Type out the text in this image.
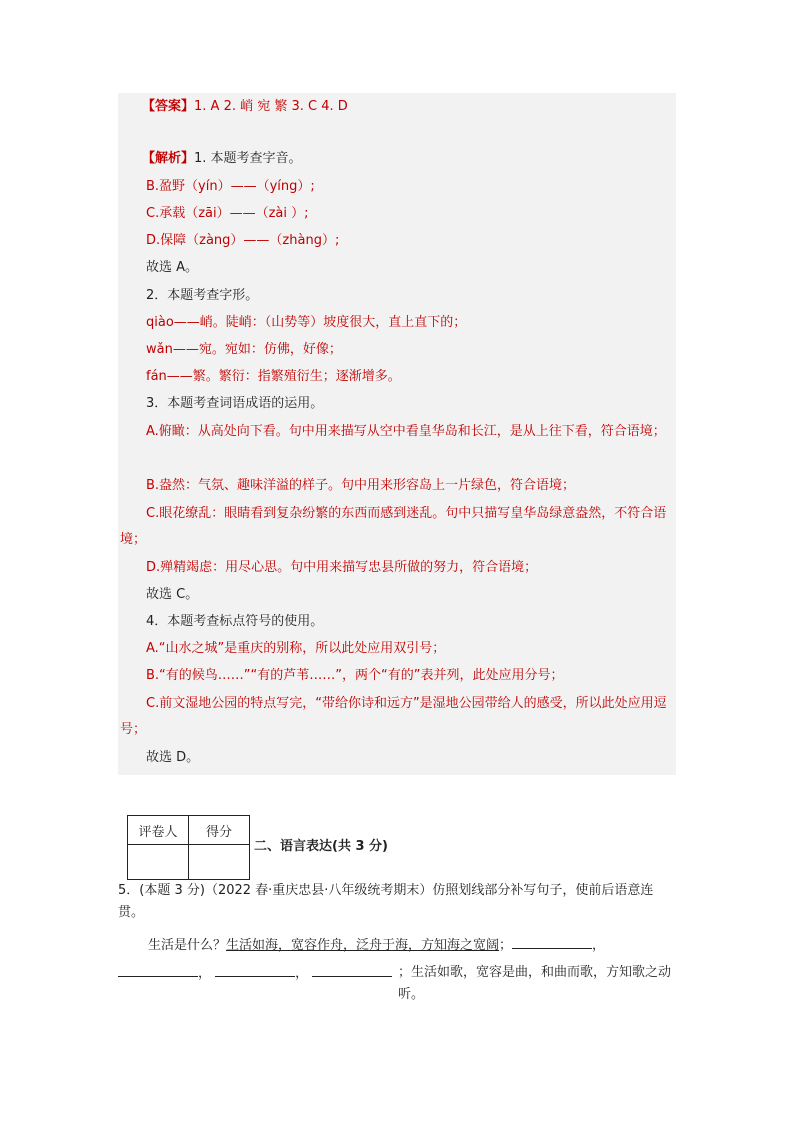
【答案】1. A 2. 峭 宛 繁 3. C 4. D
【解析】1. 本题考查字音。
B.盈野（yín）——（yíng）;
C.承载（zāi）——（zài ）;
D.保障（zàng）——（zhàng）;
故选 A。
2．本题考查字形。
qiào——峭。陡峭：（山势等）坡度很大，直上直下的；
wǎn——宛。宛如：仿佛，好像；
fán——繁。繁衍：指繁殖衍生；逐渐增多。
3．本题考查词语成语的运用。
A.俯瞰：从高处向下看。句中用来描写从空中看皇华岛和长江，是从上往下看，符合语境；
B.盎然：气氛、趣味洋溢的样子。句中用来形容岛上一片绿色，符合语境；
C.眼花缭乱：眼睛看到复杂纷繁的东西而感到迷乱。句中只描写皇华岛绿意盎然，不符合语境；
D.殚精竭虑：用尽心思。句中用来描写忠县所做的努力，符合语境；
故选 C。
4．本题考查标点符号的使用。
A.“山水之城”是重庆的别称，所以此处应用双引号；
B.“有的候鸟……”“有的芦苇……”，两个“有的”表并列，此处应用分号；
C.前文湿地公园的特点写完，“带给你诗和远方”是湿地公园带给人的感受，所以此处应用逗号；
故选 D。
评卷人	得分

二、语言表达(共 3 分)
5．(本题 3 分)（2022 春·重庆忠县·八年级统考期末）仿照划线部分补写句子，使前后语意连贯。
生活是什么？生活如海，宽容作舟，泛舟于海，方知海之宽阔；	，
，	，	；生活如歌，宽容是曲，和曲而歌，方知歌之动听。
